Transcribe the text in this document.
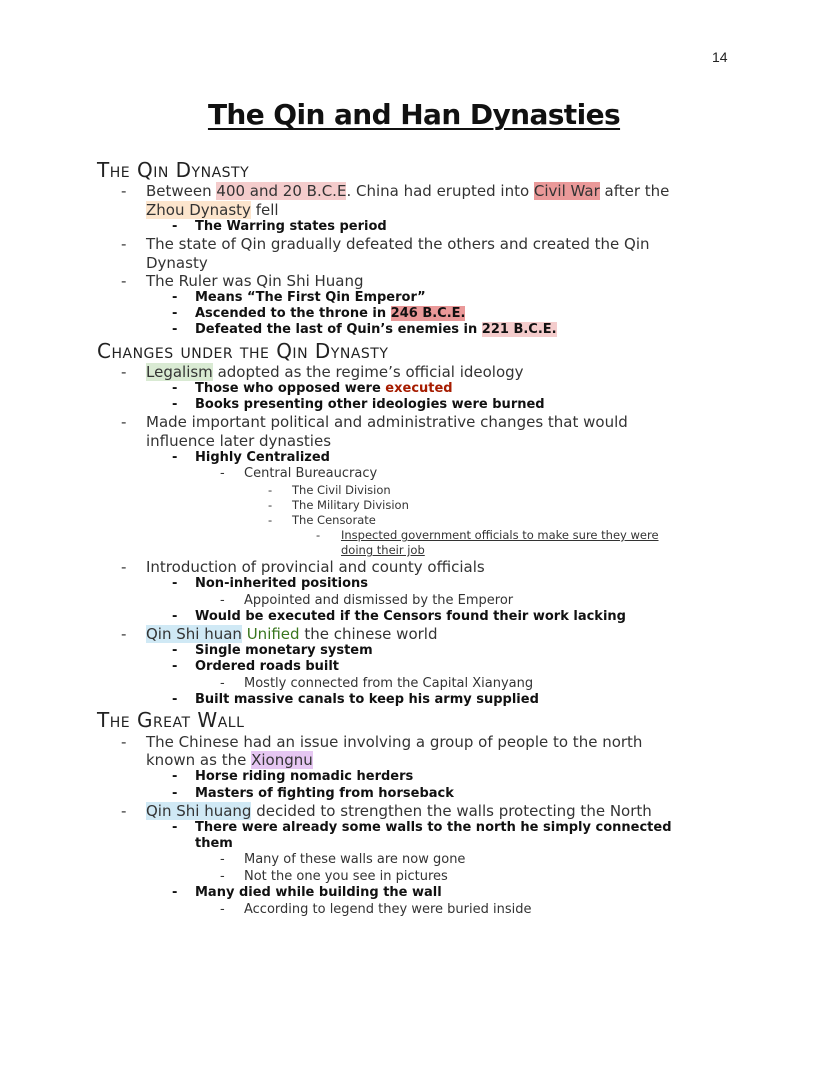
14
The Qin and Han Dynasties
The Qin Dynasty
- Between 400 and 20 B.C.E. China had erupted into Civil War after the
Zhou Dynasty fell
- The Warring states period
- The state of Qin gradually defeated the others and created the Qin
Dynasty
- The Ruler was Qin Shi Huang
- Means “The First Qin Emperor”
- Ascended to the throne in 246 B.C.E.
- Defeated the last of Quin’s enemies in 221 B.C.E.
Changes under the Qin Dynasty
- Legalism adopted as the regime’s official ideology
- Those who opposed were executed
- Books presenting other ideologies were burned
- Made important political and administrative changes that would
influence later dynasties
- Highly Centralized
- Central Bureaucracy
- The Civil Division
- The Military Division
- The Censorate
- Inspected government officials to make sure they were
doing their job
- Introduction of provincial and county officials
- Non-inherited positions
- Appointed and dismissed by the Emperor
- Would be executed if the Censors found their work lacking
- Qin Shi huan Unified the chinese world
- Single monetary system
- Ordered roads built
- Mostly connected from the Capital Xianyang
- Built massive canals to keep his army supplied
The Great Wall
- The Chinese had an issue involving a group of people to the north
known as the Xiongnu
- Horse riding nomadic herders
- Masters of fighting from horseback
- Qin Shi huang decided to strengthen the walls protecting the North
- There were already some walls to the north he simply connected
them
- Many of these walls are now gone
- Not the one you see in pictures
- Many died while building the wall
- According to legend they were buried inside
